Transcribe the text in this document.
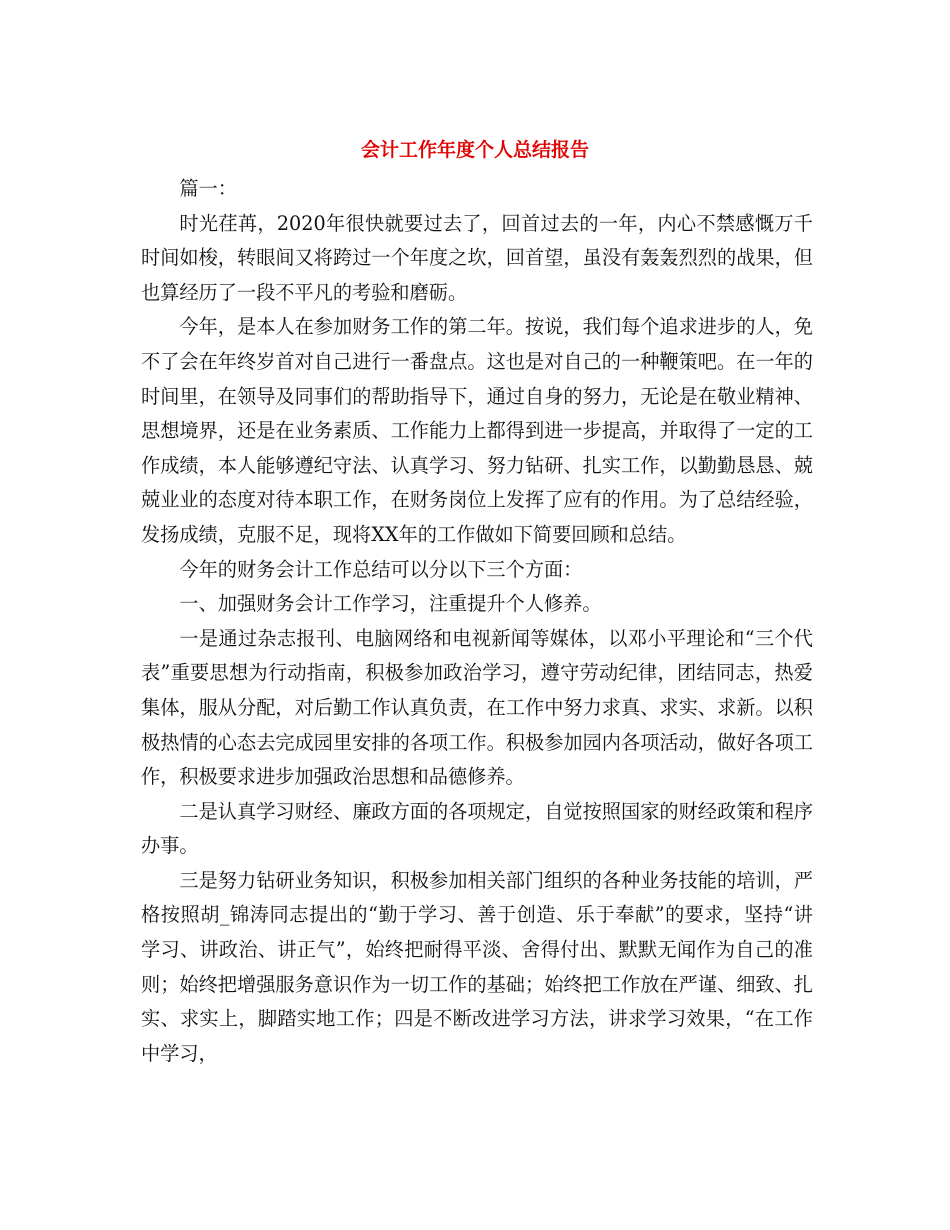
会计工作年度个人总结报告

篇一：

时光荏苒，2020年很快就要过去了，回首过去的一年，内心不禁感慨万千时间如梭，转眼间又将跨过一个年度之坎，回首望，虽没有轰轰烈烈的战果，但也算经历了一段不平凡的考验和磨砺。

今年，是本人在参加财务工作的第二年。按说，我们每个追求进步的人，免不了会在年终岁首对自己进行一番盘点。这也是对自己的一种鞭策吧。在一年的时间里，在领导及同事们的帮助指导下，通过自身的努力，无论是在敬业精神、思想境界，还是在业务素质、工作能力上都得到进一步提高，并取得了一定的工作成绩，本人能够遵纪守法、认真学习、努力钻研、扎实工作，以勤勤恳恳、兢兢业业的态度对待本职工作，在财务岗位上发挥了应有的作用。为了总结经验，发扬成绩，克服不足，现将XX年的工作做如下简要回顾和总结。

今年的财务会计工作总结可以分以下三个方面：

一、加强财务会计工作学习，注重提升个人修养。

一是通过杂志报刊、电脑网络和电视新闻等媒体，以邓小平理论和“三个代表”重要思想为行动指南，积极参加政治学习，遵守劳动纪律，团结同志，热爱集体，服从分配，对后勤工作认真负责，在工作中努力求真、求实、求新。以积极热情的心态去完成园里安排的各项工作。积极参加园内各项活动，做好各项工作，积极要求进步加强政治思想和品德修养。

二是认真学习财经、廉政方面的各项规定，自觉按照国家的财经政策和程序办事。

三是努力钻研业务知识，积极参加相关部门组织的各种业务技能的培训，严格按照胡_锦涛同志提出的“勤于学习、善于创造、乐于奉献”的要求，坚持“讲学习、讲政治、讲正气”，始终把耐得平淡、舍得付出、默默无闻作为自己的准则；始终把增强服务意识作为一切工作的基础；始终把工作放在严谨、细致、扎实、求实上，脚踏实地工作；四是不断改进学习方法，讲求学习效果，“在工作中学习，
